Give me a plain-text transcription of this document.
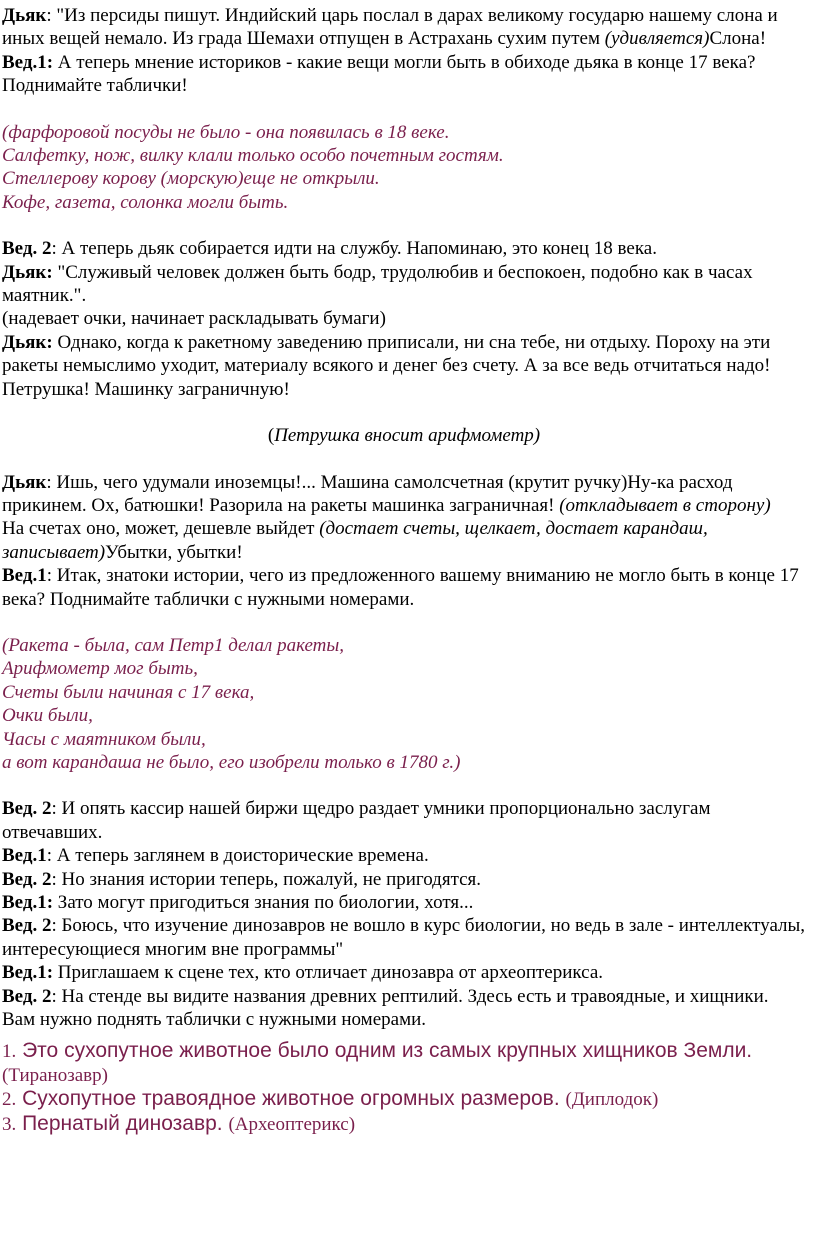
Дьяк: "Из персиды пишут. Индийский царь послал в дарах великому государю нашему слона и иных вещей немало. Из града Шемахи отпущен в Астрахань сухим путем (удивляется)Слона!

Вед.1: А теперь мнение историков - какие вещи могли быть в обиходе дьяка в конце 17 века? Поднимайте таблички!

(фарфоровой посуды не было - она появилась в 18 веке.

Салфетку, нож, вилку клали только особо почетным гостям.

Стеллерову корову (морскую)еще не открыли.

Кофе, газета, солонка могли быть.

Вед. 2: А теперь дьяк собирается идти на службу. Напоминаю, это конец 18 века.

Дьяк: "Служивый человек должен быть бодр, трудолюбив и беспокоен, подобно как в часах маятник.".

(надевает очки, начинает раскладывать бумаги)

Дьяк: Однако, когда к ракетному заведению приписали, ни сна тебе, ни отдыху. Пороху на эти ракеты немыслимо уходит, материалу всякого и денег без счету. А за все ведь отчитаться надо! Петрушка! Машинку заграничную!

(Петрушка вносит арифмометр)

Дьяк: Ишь, чего удумали иноземцы!... Машина самолсчетная (крутит ручку)Ну-ка расход прикинем. Ох, батюшки! Разорила на ракеты машинка заграничная! (откладывает в сторону)

На счетах оно, может, дешевле выйдет (достает счеты, щелкает, достает карандаш, записывает)Убытки, убытки!

Вед.1: Итак, знатоки истории, чего из предложенного вашему вниманию не могло быть в конце 17 века? Поднимайте таблички с нужными номерами.

(Ракета - была, сам Петр1 делал ракеты,

Арифмометр мог быть,

Счеты были начиная с 17 века,

Очки были,

Часы с маятником были,

а вот карандаша не было, его изобрели только в 1780 г.)

Вед. 2: И опять кассир нашей биржи щедро раздает умники пропорционально заслугам отвечавших.

Вед.1: А теперь заглянем в доисторические времена.

Вед. 2: Но знания истории теперь, пожалуй, не пригодятся.

Вед.1: Зато могут пригодиться знания по биологии, хотя...

Вед. 2: Боюсь, что изучение динозавров не вошло в курс биологии, но ведь в зале - интеллектуалы, интересующиеся многим вне программы"

Вед.1: Приглашаем к сцене тех, кто отличает динозавра от археоптерикса.

Вед. 2: На стенде вы видите названия древних рептилий. Здесь есть и травоядные, и хищники. Вам нужно поднять таблички с нужными номерами.

1. Это сухопутное животное было одним из самых крупных хищников Земли. (Тиранозавр)

2. Сухопутное травоядное животное огромных размеров. (Диплодок)

3. Пернатый динозавр. (Археоптерикс)
